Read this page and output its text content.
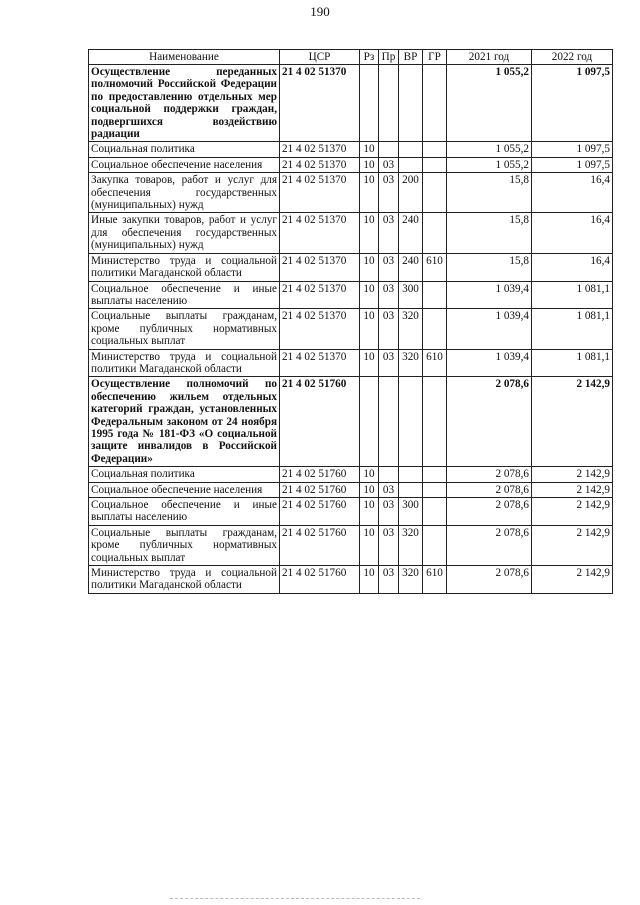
190
Наименование	ЦСР	Рз	Пр	ВР	ГР	2021 год	2022 год
Осуществление переданных полномочий Российской Федерации по предоставлению отдельных мер социальной поддержки граждан, подвергшихся воздействию радиации	21 4 02 51370					1 055,2	1 097,5
Социальная политика	21 4 02 51370	10				1 055,2	1 097,5
Социальное обеспечение населения	21 4 02 51370	10	03			1 055,2	1 097,5
Закупка товаров, работ и услуг для обеспечения государственных (муниципальных) нужд	21 4 02 51370	10	03	200		15,8	16,4
Иные закупки товаров, работ и услуг для обеспечения государственных (муниципальных) нужд	21 4 02 51370	10	03	240		15,8	16,4
Министерство труда и социальной политики Магаданской области	21 4 02 51370	10	03	240	610	15,8	16,4
Социальное обеспечение и иные выплаты населению	21 4 02 51370	10	03	300		1 039,4	1 081,1
Социальные выплаты гражданам, кроме публичных нормативных социальных выплат	21 4 02 51370	10	03	320		1 039,4	1 081,1
Министерство труда и социальной политики Магаданской области	21 4 02 51370	10	03	320	610	1 039,4	1 081,1
Осуществление полномочий по обеспечению жильем отдельных категорий граждан, установленных Федеральным законом от 24 ноября 1995 года № 181-ФЗ «О социальной защите инвалидов в Российской Федерации»	21 4 02 51760					2 078,6	2 142,9
Социальная политика	21 4 02 51760	10				2 078,6	2 142,9
Социальное обеспечение населения	21 4 02 51760	10	03			2 078,6	2 142,9
Социальное обеспечение и иные выплаты населению	21 4 02 51760	10	03	300		2 078,6	2 142,9
Социальные выплаты гражданам, кроме публичных нормативных социальных выплат	21 4 02 51760	10	03	320		2 078,6	2 142,9
Министерство труда и социальной политики Магаданской области	21 4 02 51760	10	03	320	610	2 078,6	2 142,9
